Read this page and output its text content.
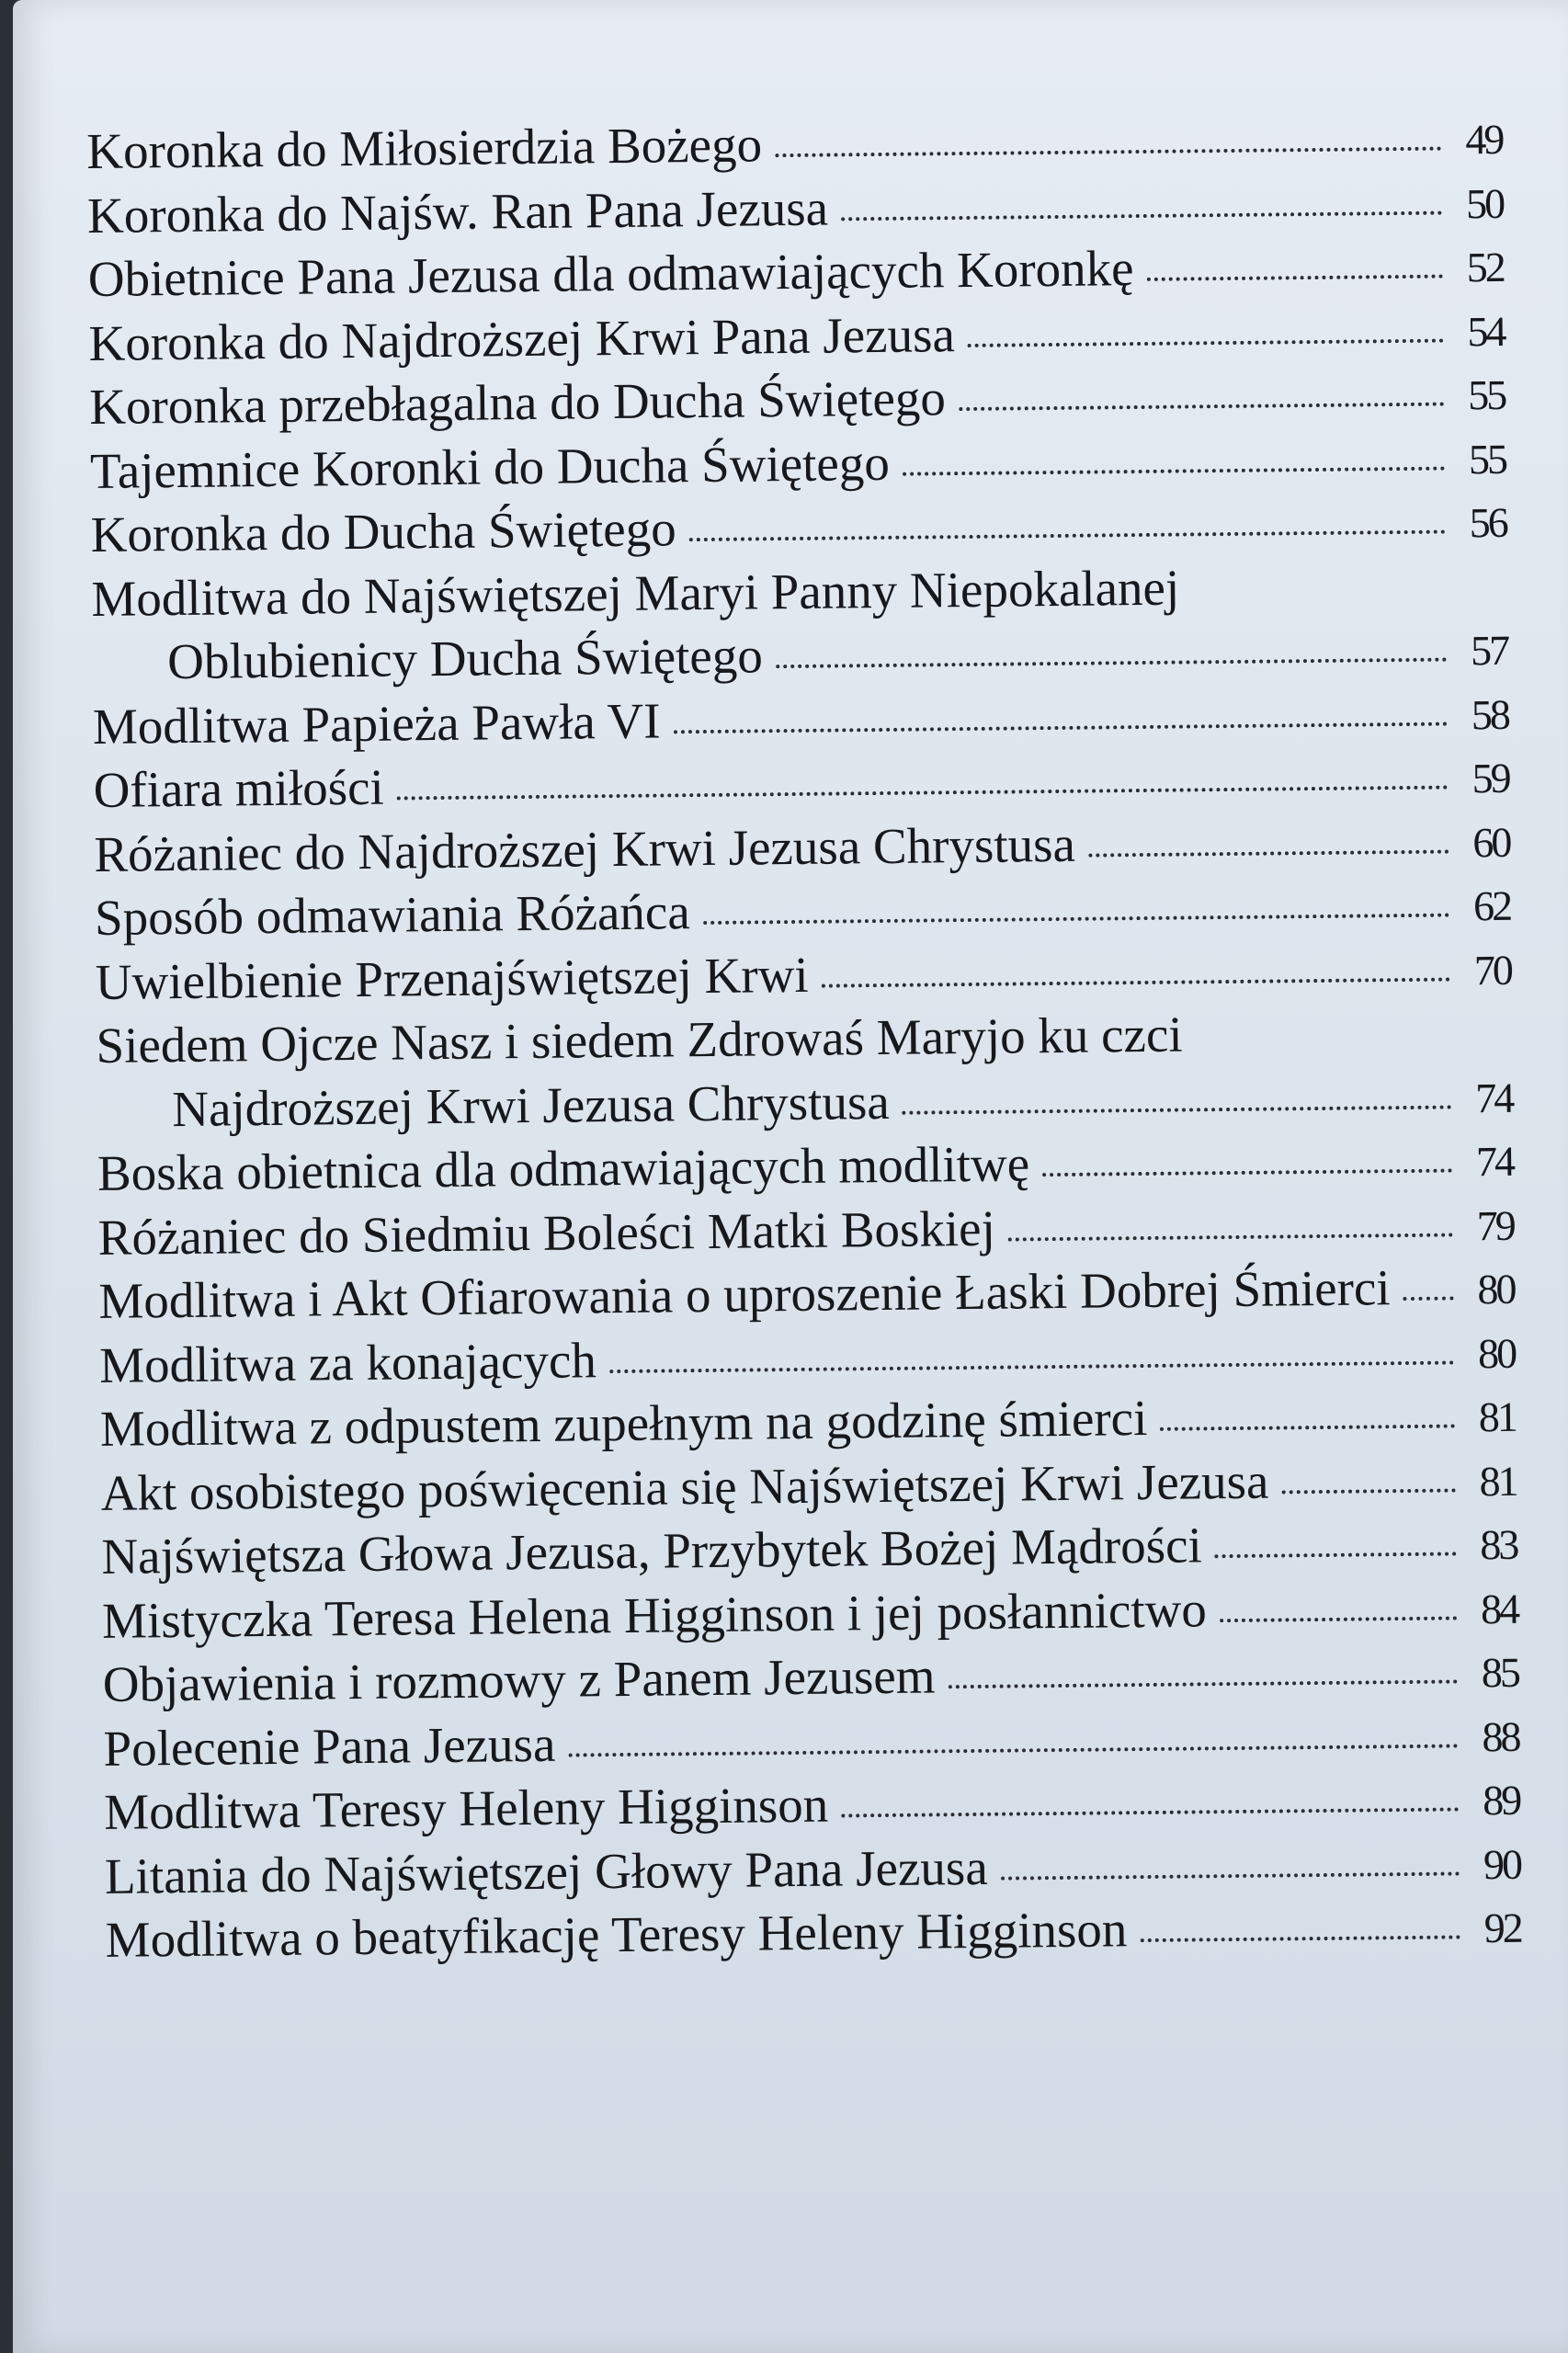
Koronka do Miłosierdzia Bożego	49
Koronka do Najśw. Ran Pana Jezusa	50
Obietnice Pana Jezusa dla odmawiających Koronkę	52
Koronka do Najdroższej Krwi Pana Jezusa	54
Koronka przebłagalna do Ducha Świętego	55
Tajemnice Koronki do Ducha Świętego	55
Koronka do Ducha Świętego	56
Modlitwa do Najświętszej Maryi Panny Niepokalanej
Oblubienicy Ducha Świętego	57
Modlitwa Papieża Pawła VI	58
Ofiara miłości	59
Różaniec do Najdroższej Krwi Jezusa Chrystusa	60
Sposób odmawiania Różańca	62
Uwielbienie Przenajświętszej Krwi	70
Siedem Ojcze Nasz i siedem Zdrowaś Maryjo ku czci
Najdroższej Krwi Jezusa Chrystusa	74
Boska obietnica dla odmawiających modlitwę	74
Różaniec do Siedmiu Boleści Matki Boskiej	79
Modlitwa i Akt Ofiarowania o uproszenie Łaski Dobrej Śmierci	80
Modlitwa za konających	80
Modlitwa z odpustem zupełnym na godzinę śmierci	81
Akt osobistego poświęcenia się Najświętszej Krwi Jezusa	81
Najświętsza Głowa Jezusa, Przybytek Bożej Mądrości	83
Mistyczka Teresa Helena Higginson i jej posłannictwo	84
Objawienia i rozmowy z Panem Jezusem	85
Polecenie Pana Jezusa	88
Modlitwa Teresy Heleny Higginson	89
Litania do Najświętszej Głowy Pana Jezusa	90
Modlitwa o beatyfikację Teresy Heleny Higginson	92
